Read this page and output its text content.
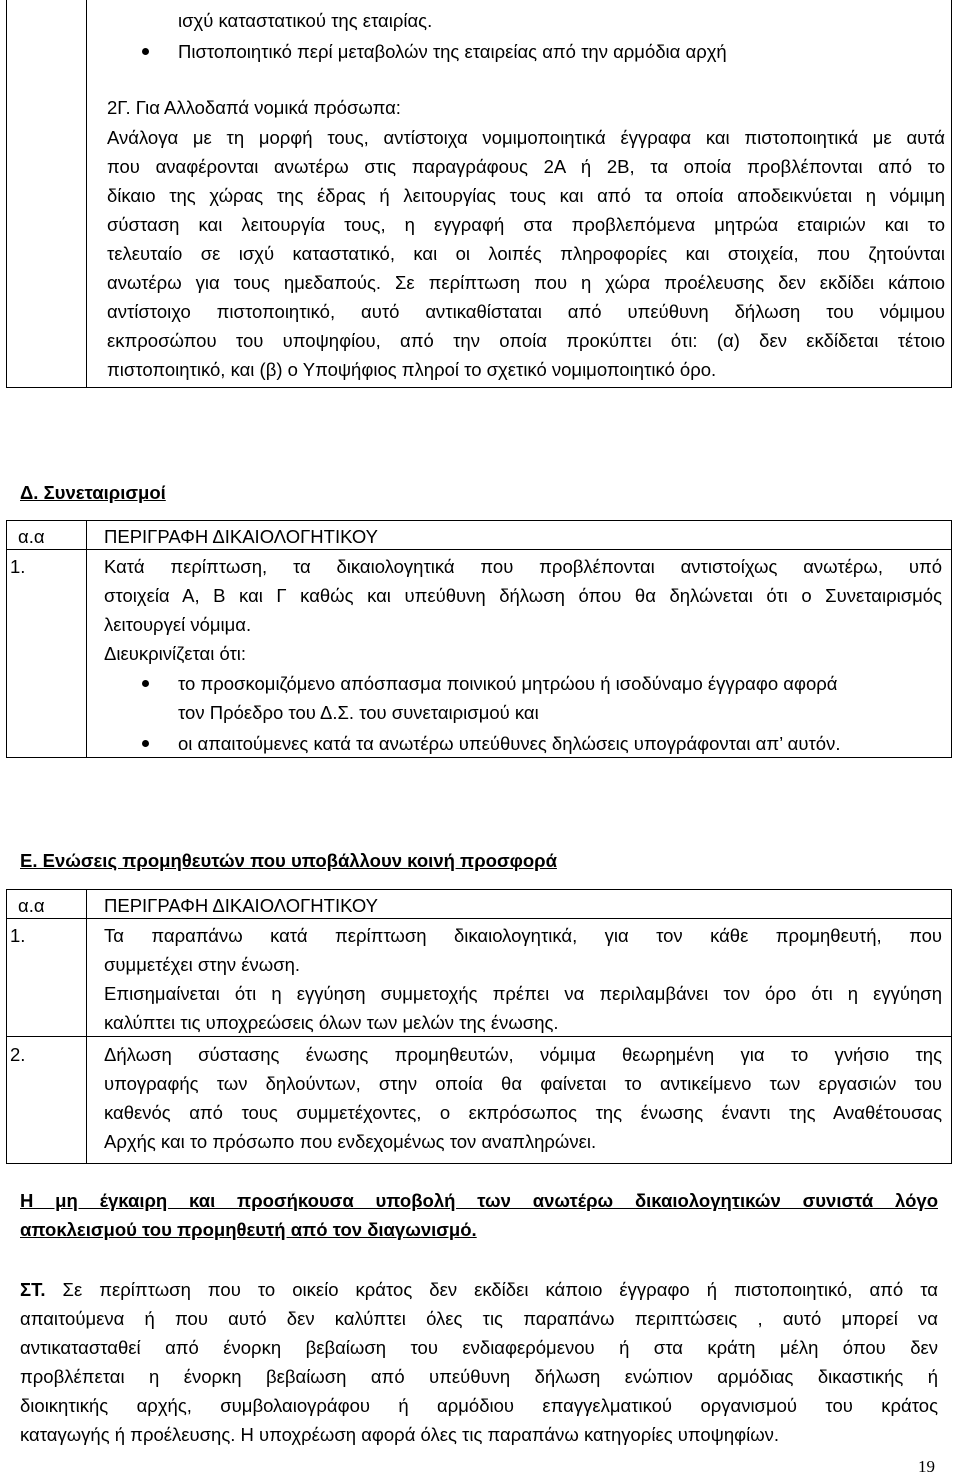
ισχύ καταστατικού της εταιρίας.
Πιστοποιητικό περί μεταβολών της εταιρείας από την αρμόδια αρχή
2Γ. Για Αλλοδαπά νομικά πρόσωπα:

Ανάλογα με τη μορφή τους, αντίστοιχα νομιμοποιητικά έγγραφα και πιστοποιητικά με αυτά

που αναφέρονται ανωτέρω στις παραγράφους 2Α ή 2Β, τα οποία προβλέπονται από το

δίκαιο της χώρας της έδρας ή λειτουργίας τους και από τα οποία αποδεικνύεται η νόμιμη

σύσταση και λειτουργία τους, η εγγραφή στα προβλεπόμενα μητρώα εταιριών και το

τελευταίο σε ισχύ καταστατικό, και οι λοιπές πληροφορίες και στοιχεία, που ζητούνται

ανωτέρω για τους ημεδαπούς. Σε περίπτωση που η χώρα προέλευσης δεν εκδίδει κάποιο

αντίστοιχο πιστοποιητικό, αυτό αντικαθίσταται από υπεύθυνη δήλωση του νόμιμου

εκπροσώπου του υποψηφίου, από την οποία προκύπτει ότι: (α) δεν εκδίδεται τέτοιο

πιστοποιητικό, και (β) ο Υποψήφιος πληροί το σχετικό νομιμοποιητικό όρο.

Δ. Συνεταιρισμοί
α.α	ΠΕΡΙΓΡΑΦΗ ΔΙΚΑΙΟΛΟΓΗΤΙΚΟΥ
1.	Κατά περίπτωση, τα δικαιολογητικά που προβλέπονται αντιστοίχως ανωτέρω, υπό

στοιχεία Α, Β και Γ καθώς και υπεύθυνη δήλωση όπου θα δηλώνεται ότι ο Συνεταιρισμός

λειτουργεί νόμιμα.

Διευκρινίζεται ότι:

το προσκομιζόμενο απόσπασμα ποινικού μητρώου ή ισοδύναμο έγγραφο αφορά

τον Πρόεδρο του Δ.Σ. του συνεταιρισμού και

οι απαιτούμενες κατά τα ανωτέρω υπεύθυνες δηλώσεις υπογράφονται απ’ αυτόν.
Ε. Ενώσεις προμηθευτών που υποβάλλουν κοινή προσφορά
α.α	ΠΕΡΙΓΡΑΦΗ ΔΙΚΑΙΟΛΟΓΗΤΙΚΟΥ
1.	Τα παραπάνω κατά περίπτωση δικαιολογητικά, για τον κάθε προμηθευτή, που

συμμετέχει στην ένωση.

Επισημαίνεται ότι η εγγύηση συμμετοχής πρέπει να περιλαμβάνει τον όρο ότι η εγγύηση

καλύπτει τις υποχρεώσεις όλων των μελών της ένωσης.

2.	Δήλωση σύστασης ένωσης προμηθευτών, νόμιμα θεωρημένη για το γνήσιο της

υπογραφής των δηλούντων, στην οποία θα φαίνεται το αντικείμενο των εργασιών του

καθενός από τους συμμετέχοντες, ο εκπρόσωπος της ένωσης έναντι της Αναθέτουσας

Αρχής και το πρόσωπο που ενδεχομένως τον αναπληρώνει.

Η μη έγκαιρη και προσήκουσα υποβολή των ανωτέρω δικαιολογητικών συνιστά λόγο

αποκλεισμού του προμηθευτή από τον διαγωνισμό.

ΣΤ. Σε περίπτωση που το οικείο κράτος δεν εκδίδει κάποιο έγγραφο ή πιστοποιητικό, από τα

απαιτούμενα ή που αυτό δεν καλύπτει όλες τις παραπάνω περιπτώσεις , αυτό μπορεί να

αντικατασταθεί από ένορκη βεβαίωση του ενδιαφερόμενου ή στα κράτη μέλη όπου δεν

προβλέπεται η ένορκη βεβαίωση από υπεύθυνη δήλωση ενώπιον αρμόδιας δικαστικής ή

διοικητικής αρχής, συμβολαιογράφου ή αρμόδιου επαγγελματικού οργανισμού του κράτος

καταγωγής ή προέλευσης. Η υποχρέωση αφορά όλες τις παραπάνω κατηγορίες υποψηφίων.

19
